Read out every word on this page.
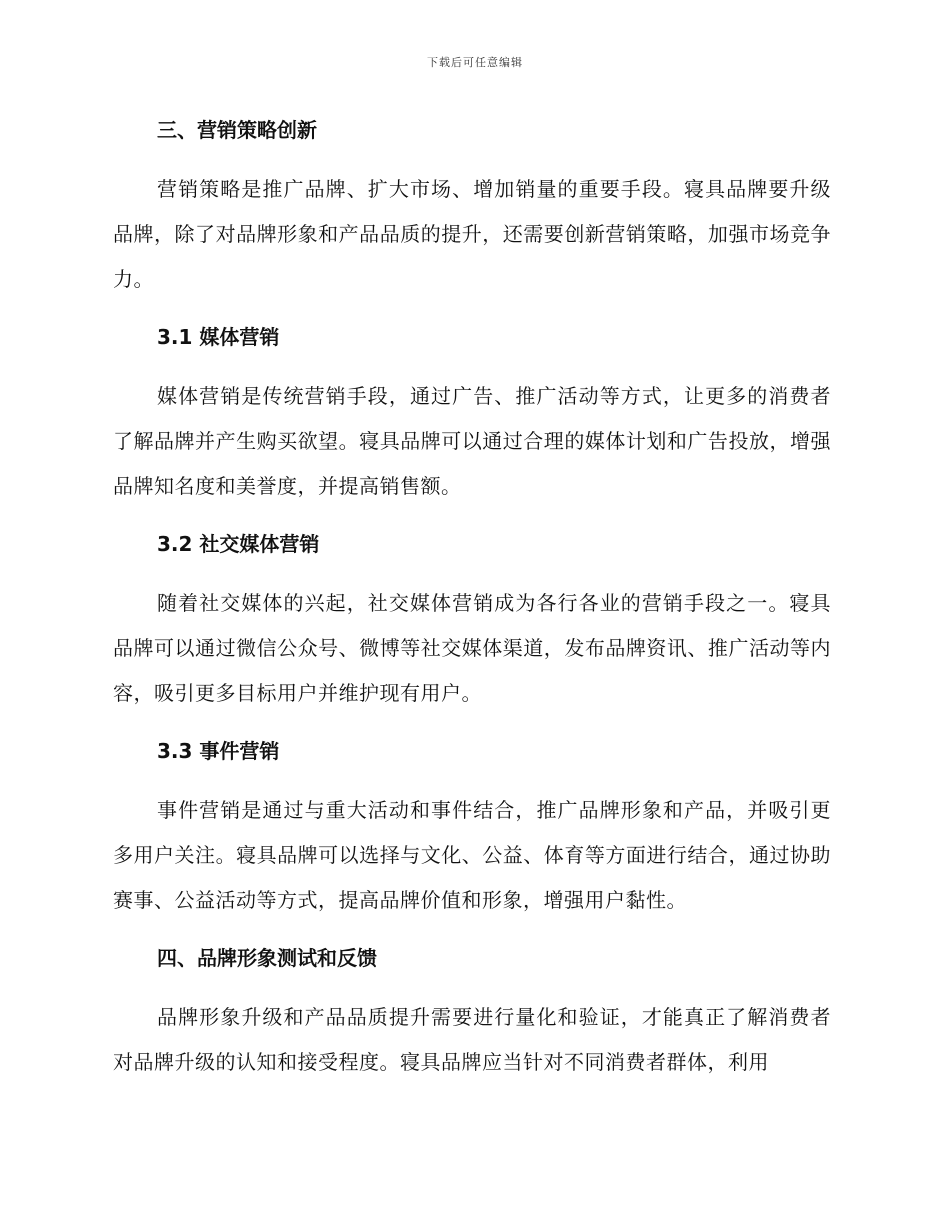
下载后可任意编辑
三、营销策略创新

营销策略是推广品牌、扩大市场、增加销量的重要手段。寝具品牌要升级品牌，除了对品牌形象和产品品质的提升，还需要创新营销策略，加强市场竞争力。

3.1 媒体营销

媒体营销是传统营销手段，通过广告、推广活动等方式，让更多的消费者了解品牌并产生购买欲望。寝具品牌可以通过合理的媒体计划和广告投放，增强品牌知名度和美誉度，并提高销售额。

3.2 社交媒体营销

随着社交媒体的兴起，社交媒体营销成为各行各业的营销手段之一。寝具品牌可以通过微信公众号、微博等社交媒体渠道，发布品牌资讯、推广活动等内容，吸引更多目标用户并维护现有用户。

3.3 事件营销

事件营销是通过与重大活动和事件结合，推广品牌形象和产品，并吸引更多用户关注。寝具品牌可以选择与文化、公益、体育等方面进行结合，通过协助赛事、公益活动等方式，提高品牌价值和形象，增强用户黏性。

四、品牌形象测试和反馈

品牌形象升级和产品品质提升需要进行量化和验证，才能真正了解消费者对品牌升级的认知和接受程度。寝具品牌应当针对不同消费者群体，利用
